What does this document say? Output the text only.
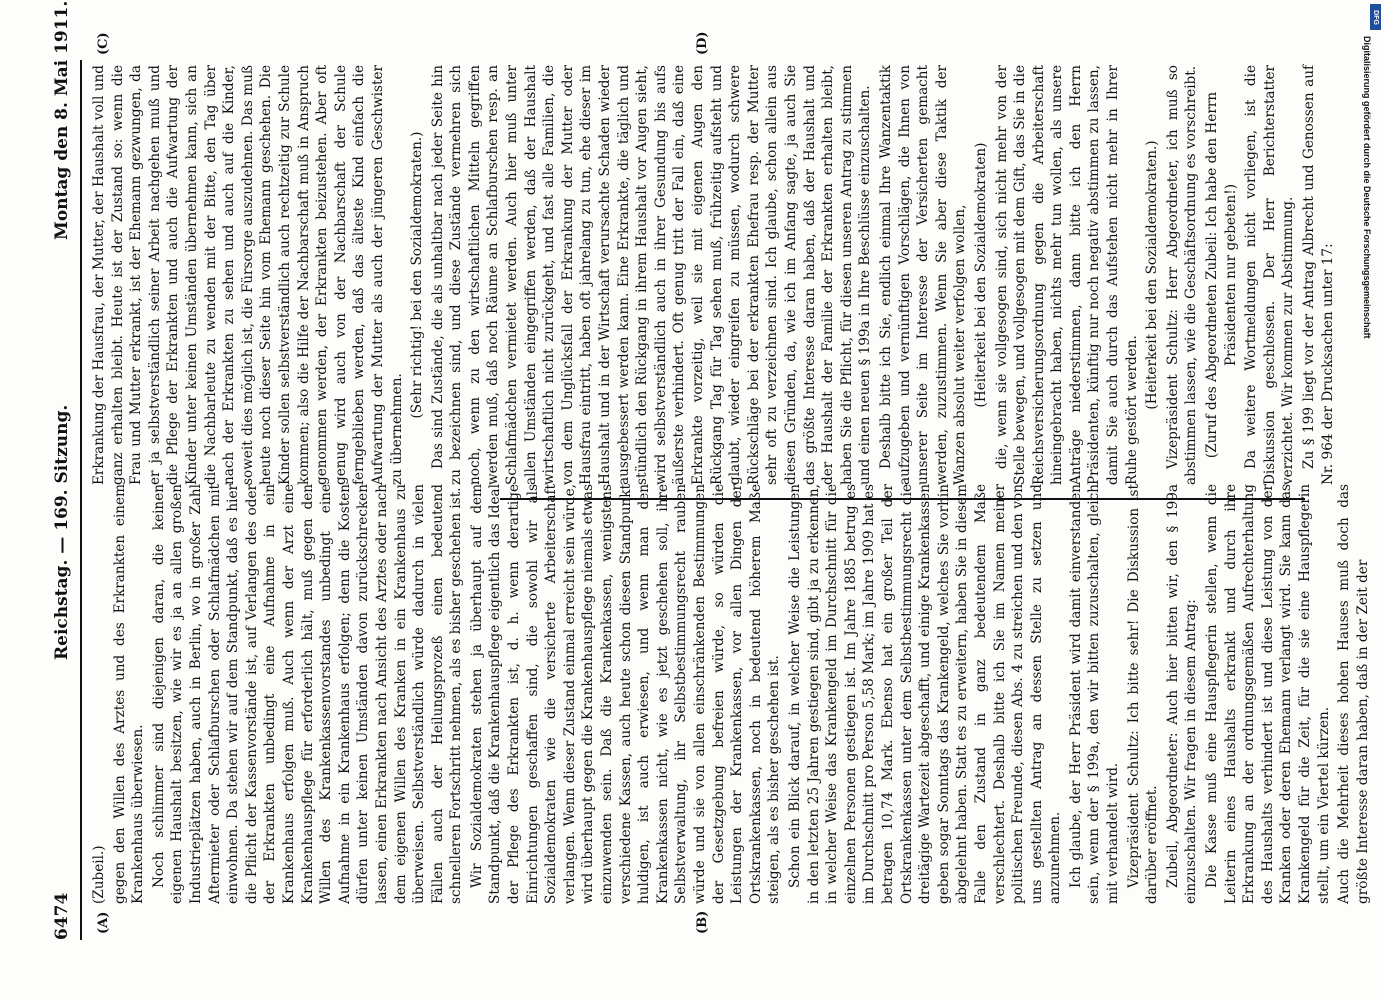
6474
Reichstag. — 169. Sitzung.
Montag den 8. Mai 1911.
(A)	(B)
(C)	(D)

(Zubeil.) gegen den Willen des Arztes und des Erkrankten einem Krankenhaus überwiesen. Noch schlimmer sind diejenigen daran, die keinen eigenen Haushalt besitzen, wie wir es ja an allen großen Industrieplätzen haben, auch in Berlin, wo in großer Zahl Aftermieter oder Schlafburschen oder Schlafmädchen mit einwohnen. Da stehen wir auf dem Standpunkt, daß es hier die Pflicht der Kassenvorstände ist, auf Verlangen des oder der Erkrankten unbedingt eine Aufnahme in ein Krankenhaus erfolgen muß. Auch wenn der Arzt eine Krankenhauspflege für erforderlich hält, muß gegen den Willen des Krankenkassenvorstandes unbedingt eine Aufnahme in ein Krankenhaus erfolgen; denn die Kosten dürfen unter keinen Umständen davon zurückschrecken lassen, einen Erkrankten nach Ansicht des Arztes oder nach dem eigenen Willen des Kranken in ein Krankenhaus zu überweisen. Selbstverständlich würde dadurch in vielen Fällen auch der Heilungsprozeß einen bedeutend schnelleren Fortschritt nehmen, als es bisher geschehen ist. Wir Sozialdemokraten stehen ja überhaupt auf dem Standpunkt, daß die Krankenhauspflege eigentlich das Ideal der Pflege des Erkrankten ist, d. h. wenn derartige Einrichtungen geschaffen sind, die sowohl wir als Sozialdemokraten wie die versicherte Arbeiterschaft verlangen. Wenn dieser Zustand einmal erreicht sein würde, wird überhaupt gegen die Krankenhauspflege niemals etwas einzuwenden sein. Daß die Krankenkassen, wenigstens verschiedene Kassen, auch heute schon diesen Standpunkt huldigen, ist auch erwiesen, und wenn man den Krankenkassen nicht, wie es jetzt geschehen soll, ihre Selbstverwaltung, ihr Selbstbestimmungsrecht rauben würde und sie von allen einschränkenden Bestimmungen der Gesetzgebung befreien würde, so würden die Leistungen der Krankenkassen, vor allen Dingen der Ortskrankenkassen, noch in bedeutend höherem Maße steigen, als es bisher geschehen ist. Schon ein Blick darauf, in welcher Weise die Leistungen in den letzten 25 Jahren gestiegen sind, gibt ja zu erkennen, in welcher Weise das Krankengeld im Durchschnitt für die einzelnen Personen gestiegen ist. Im Jahre 1885 betrug es im Durchschnitt pro Person 5,58 Mark; im Jahre 1909 hat es betragen 10,74 Mark. Ebenso hat ein großer Teil der Ortskrankenkassen unter dem Selbstbestimmungsrecht die dreitägige Wartezeit abgeschafft, und einige Krankenkassen geben sogar Sonntags das Krankengeld, welches Sie vorhin abgelehnt haben. Statt es zu erweitern, haben Sie in diesem Falle den Zustand in ganz bedeutendem Maße verschlechtert. Deshalb bitte ich Sie im Namen meiner politischen Freunde, diesen Abs. 4 zu streichen und den von uns gestellten Antrag an dessen Stelle zu setzen und anzunehmen. Ich glaube, der Herr Präsident wird damit einverstanden sein, wenn der § 199a, den wir bitten zuzuschalten, gleich mit verhandelt wird. Vizepräsident Schultz: Ich bitte sehr! Die Diskussion ist darüber eröffnet. Zubeil, Abgeordneter: Auch hier bitten wir, den § 199a einzuschalten. Wir fragen in diesem Antrag: Die Kasse muß eine Hauspflegerin stellen, wenn die Leiterin eines Haushalts erkrankt und durch ihre Erkrankung an der ordnungsgemäßen Aufrechterhaltung des Haushalts verhindert ist und diese Leistung von der Kranken oder deren Ehemann verlangt wird. Sie kann das Krankengeld für die Zeit, für die sie eine Hauspflegerin stellt, um ein Viertel kürzen. Auch die Mehrheit dieses hohen Hauses muß doch das größte Interesse daran haben, daß in der Zeit der

Erkrankung der Hausfrau, der Mutter, der Haushalt voll und ganz erhalten bleibt. Heute ist der Zustand so: wenn die Frau und Mutter erkrankt, ist der Ehemann gezwungen, da er ja selbstverständlich seiner Arbeit nachgehen muß und die Pflege der Erkrankten und auch die Aufwartung der Kinder unter keinen Umständen übernehmen kann, sich an die Nachbarleute zu wenden mit der Bitte, den Tag über nach der Erkrankten zu sehen und auch auf die Kinder, soweit dies möglich ist, die Fürsorge auszudehnen. Das muß heute noch dieser Seite hin vom Ehemann geschehen. Die Kinder sollen selbstverständlich auch rechtzeitig zur Schule kommen; also die Hilfe der Nachbarschaft muß in Anspruch genommen werden, der Erkrankten beizustehen. Aber oft genug wird auch von der Nachbarschaft der Schule ferngeblieben werden, daß das älteste Kind einfach die Aufwartung der Mutter als auch der jüngeren Geschwister zu übernehmen.

(Sehr richtig! bei den Sozialdemokraten.) Das sind Zustände, die als unhaltbar nach jeder Seite hin zu bezeichnen sind, und diese Zustände vermehren sich noch, wenn zu den wirtschaftlichen Mitteln gegriffen werden muß, daß noch Räume an Schlafburschen resp. an Schlafmädchen vermietet werden. Auch hier muß unter allen Umständen eingegriffen werden, daß der Haushalt wirtschaftlich nicht zurückgeht, und fast alle Familien, die von dem Unglücksfall der Erkrankung der Mutter oder Hausfrau eintritt, haben oft jahrelang zu tun, ehe dieser im Haushalt und in der Wirtschaft verursachte Schaden wieder ausgebessert werden kann. Eine Erkrankte, die täglich und stündlich den Rückgang in ihrem Haushalt vor Augen sieht, wird selbstverständlich auch in ihrer Gesundung bis aufs äußerste verhindert. Oft genug tritt der Fall ein, daß eine Erkrankte vorzeitig, weil sie mit eigenen Augen den Rückgang Tag für Tag sehen muß, frühzeitig aufsteht und glaubt, wieder eingreifen zu müssen, wodurch schwere Rückschläge bei der erkrankten Ehefrau resp. der Mutter sehr oft zu verzeichnen sind. Ich glaube, schon allein aus diesen Gründen, da, wie ich im Anfang sagte, ja auch Sie das größte Interesse daran haben, daß der Haushalt und der Haushalt der Familie der Erkrankten erhalten bleibt, haben Sie die Pflicht, für diesen unseren Antrag zu stimmen und einen neuen § 199a in Ihre Beschlüsse einzuschalten. Deshalb bitte ich Sie, endlich einmal Ihre Wanzentaktik aufzugeben und vernünftigen Vorschlägen, die Ihnen von unserer Seite im Interesse der Versicherten gemacht werden, zuzustimmen. Wenn Sie aber diese Taktik der Wanzen absolut weiter verfolgen wollen, (Heiterkeit bei den Sozialdemokraten) die, wenn sie vollgesogen sind, sich nicht mehr von der Stelle bewegen, und vollgesogen mit dem Gift, das Sie in die Reichsversicherungsordnung gegen die Arbeiterschaft hineingebracht haben, nichts mehr tun wollen, als unsere Anträge niederstimmen, dann bitte ich den Herrn Präsidenten, künftig nur noch negativ abstimmen zu lassen, damit Sie auch durch das Aufstehen nicht mehr in Ihrer Ruhe gestört werden.

(Heiterkeit bei den Sozialdemokraten.) Vizepräsident Schultz: Herr Abgeordneter, ich muß so abstimmen lassen, wie die Geschäftsordnung es vorschreibt. (Zuruf des Abgeordneten Zubeil: Ich habe den Herrn Präsidenten nur gebeten!) Da weitere Wortmeldungen nicht vorliegen, ist die Diskussion geschlossen. Der Herr Berichterstatter verzichtet. Wir kommen zur Abstimmung. Zu § 199 liegt vor der Antrag Albrecht und Genossen auf Nr. 964 der Drucksachen unter 17:

DFG
Digitalisierung gefördert durch die Deutsche Forschungsgemeinschaft
